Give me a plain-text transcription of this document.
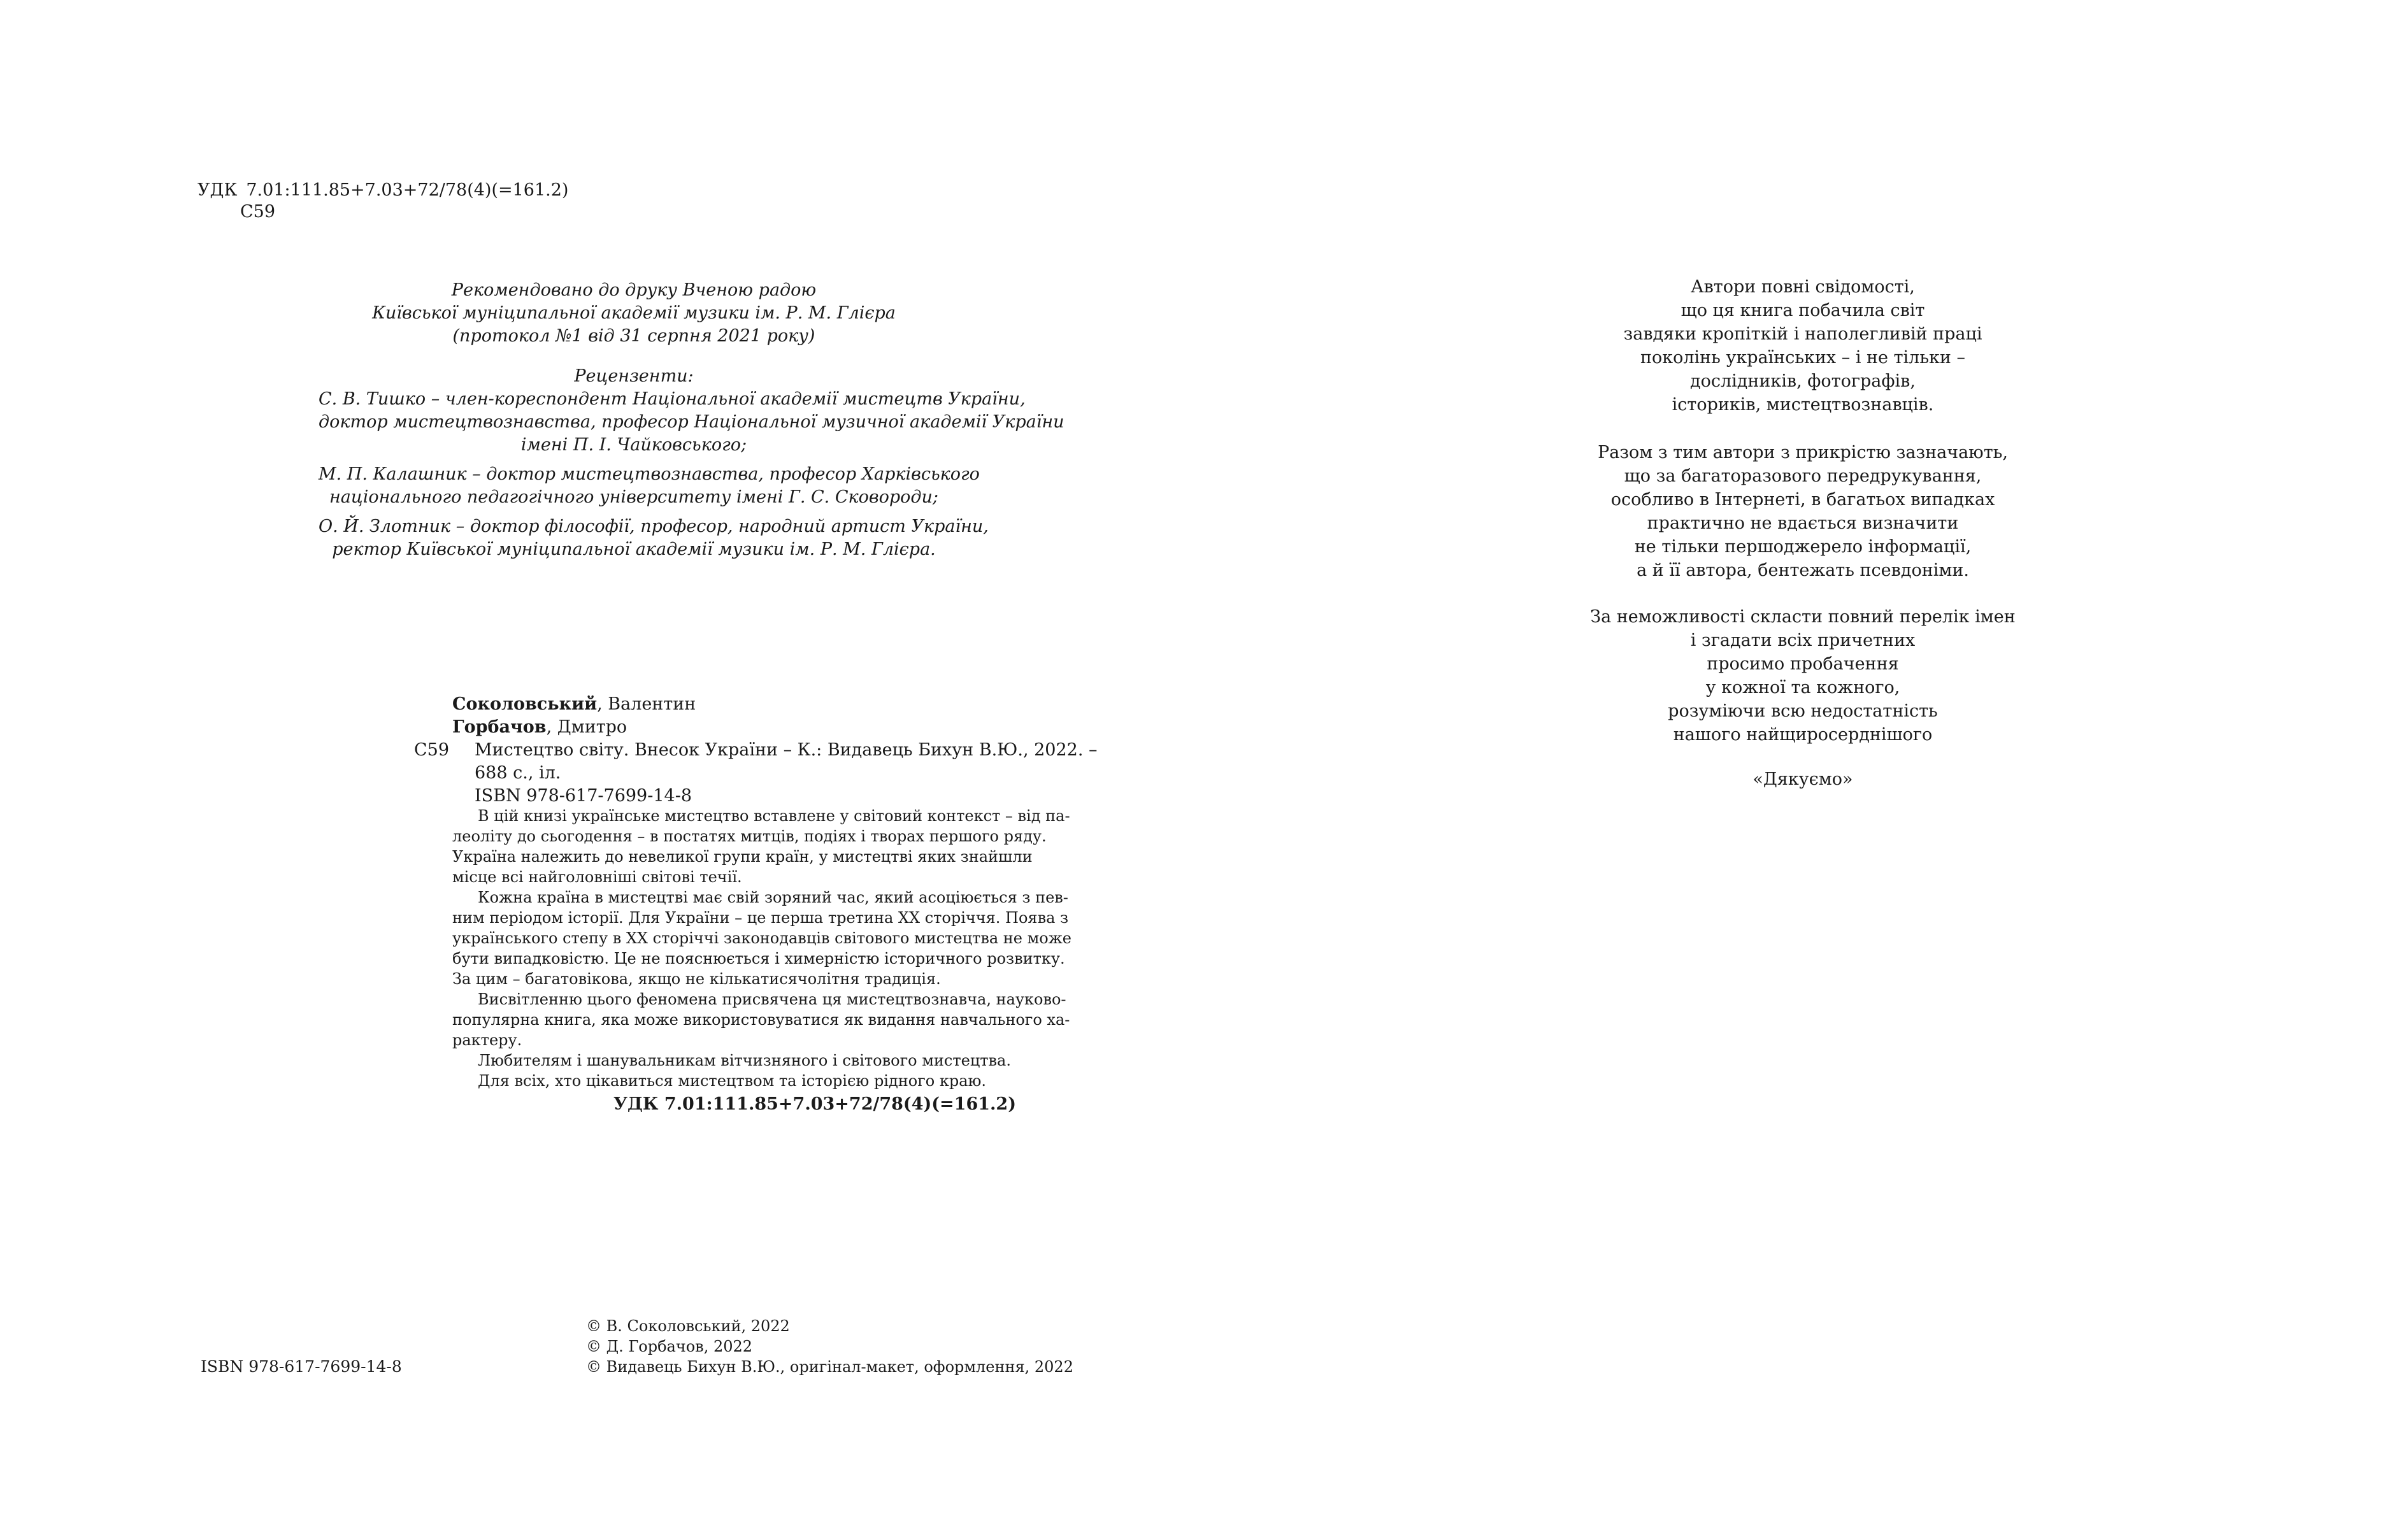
УДК 7.01:111.85+7.03+72/78(4)(=161.2)
С59
Рекомендовано до друку Вченою радою
Київської муніципальної академії музики ім. Р. М. Глієра
(протокол №1 від 31 серпня 2021 року)
Рецензенти:
С. В. Тишко – член-кореспондент Національної академії мистецтв України,
доктор мистецтвознавства, професор Національної музичної академії України
імені П. І. Чайковського;
М. П. Калашник – доктор мистецтвознавства, професор Харківського
національного педагогічного університету імені Г. С. Сковороди;
О. Й. Злотник – доктор філософії, професор, народний артист України,
ректор Київської муніципальної академії музики ім. Р. М. Глієра.
Соколовський, Валентин
Горбачов, Дмитро
С59	Мистецтво світу. Внесок України – К.: Видавець Бихун В.Ю., 2022. –
688 с., іл.
ISBN 978-617-7699-14-8
В цій книзі українське мистецтво вставлене у світовий контекст – від па-
леоліту до сьогодення – в постатях митців, подіях і творах першого ряду.
Україна належить до невеликої групи країн, у мистецтві яких знайшли
місце всі найголовніші світові течії.
Кожна країна в мистецтві має свій зоряний час, який асоціюється з пев-
ним періодом історії. Для України – це перша третина ХХ сторіччя. Поява з
українського степу в ХХ сторіччі законодавців світового мистецтва не може
бути випадковістю. Це не пояснюється і химерністю історичного розвитку.
За цим – багатовікова, якщо не кількатисячолітня традиція.
Висвітленню цього феномена присвячена ця мистецтвознавча, науково-
популярна книга, яка може використовуватися як видання навчального ха-
рактеру.
Любителям і шанувальникам вітчизняного і світового мистецтва.
Для всіх, хто цікавиться мистецтвом та історією рідного краю.
УДК 7.01:111.85+7.03+72/78(4)(=161.2)
© В. Соколовський, 2022
© Д. Горбачов, 2022
© Видавець Бихун В.Ю., оригінал-макет, оформлення, 2022
ISBN 978-617-7699-14-8
Автори повні свідомості,
що ця книга побачила світ
завдяки кропіткій і наполегливій праці
поколінь українських – і не тільки –
дослідників, фотографів,
істориків, мистецтвознавців.
Разом з тим автори з прикрістю зазначають,
що за багаторазового передрукування,
особливо в Інтернеті, в багатьох випадках
практично не вдається визначити
не тільки першоджерело інформації,
а й її автора, бентежать псевдоніми.
За неможливості скласти повний перелік імен
і згадати всіх причетних
просимо пробачення
у кожної та кожного,
розуміючи всю недостатність
нашого найщиросерднішого
«Дякуємо»
